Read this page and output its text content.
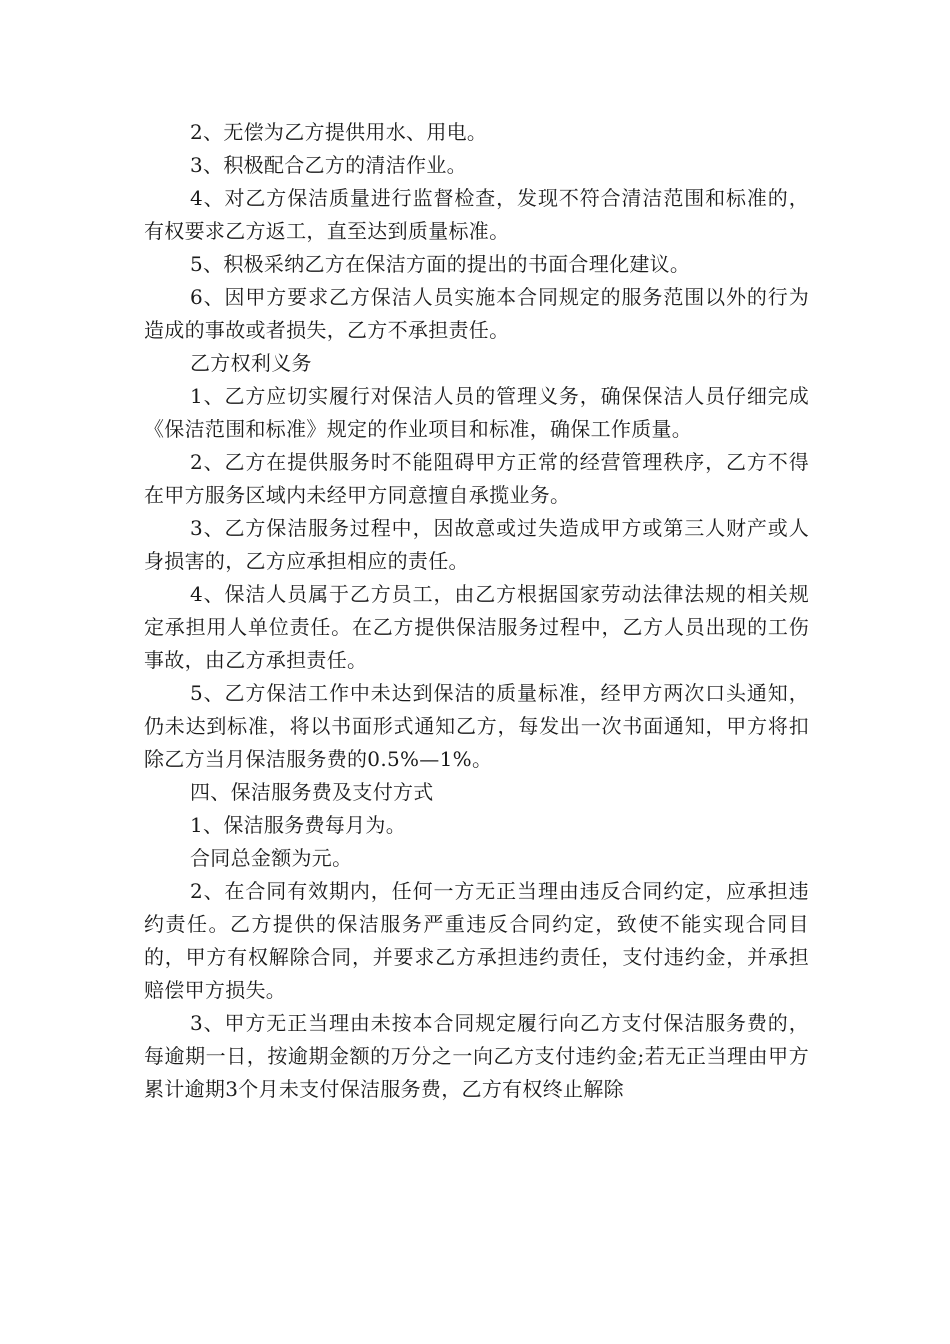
2、无偿为乙方提供用水、用电。

3、积极配合乙方的清洁作业。

4、对乙方保洁质量进行监督检查，发现不符合清洁范围和标准的，有权要求乙方返工，直至达到质量标准。

5、积极采纳乙方在保洁方面的提出的书面合理化建议。

6、因甲方要求乙方保洁人员实施本合同规定的服务范围以外的行为造成的事故或者损失，乙方不承担责任。

乙方权利义务

1、乙方应切实履行对保洁人员的管理义务，确保保洁人员仔细完成《保洁范围和标准》规定的作业项目和标准，确保工作质量。

2、乙方在提供服务时不能阻碍甲方正常的经营管理秩序，乙方不得在甲方服务区域内未经甲方同意擅自承揽业务。

3、乙方保洁服务过程中，因故意或过失造成甲方或第三人财产或人身损害的，乙方应承担相应的责任。

4、保洁人员属于乙方员工，由乙方根据国家劳动法律法规的相关规定承担用人单位责任。在乙方提供保洁服务过程中，乙方人员出现的工伤事故，由乙方承担责任。

5、乙方保洁工作中未达到保洁的质量标准，经甲方两次口头通知，仍未达到标准，将以书面形式通知乙方，每发出一次书面通知，甲方将扣除乙方当月保洁服务费的0.5%—1%。

四、保洁服务费及支付方式

1、保洁服务费每月为。

合同总金额为元。

2、在合同有效期内，任何一方无正当理由违反合同约定，应承担违约责任。乙方提供的保洁服务严重违反合同约定，致使不能实现合同目的，甲方有权解除合同，并要求乙方承担违约责任，支付违约金，并承担赔偿甲方损失。

3、甲方无正当理由未按本合同规定履行向乙方支付保洁服务费的，每逾期一日，按逾期金额的万分之一向乙方支付违约金;若无正当理由甲方累计逾期3个月未支付保洁服务费，乙方有权终止解除
